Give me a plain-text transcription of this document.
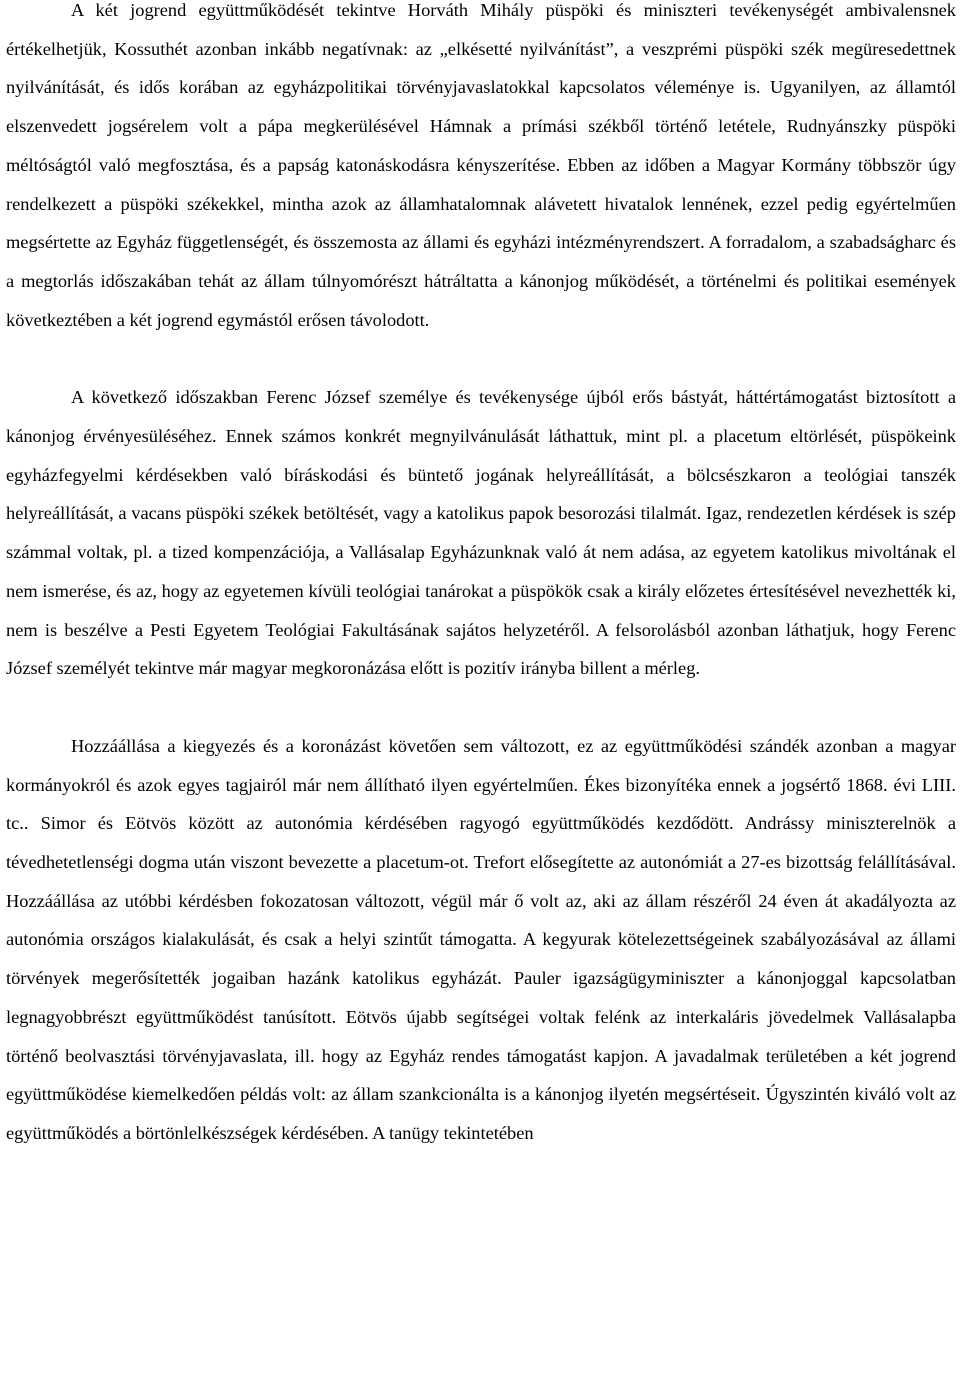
A két jogrend együttműködését tekintve Horváth Mihály püspöki és miniszteri tevékenységét ambivalensnek értékelhetjük, Kossuthét azonban inkább negatívnak: az „elkésetté nyilvánítást”, a veszprémi püspöki szék megüresedettnek nyilvánítását, és idős korában az egyházpolitikai törvényjavaslatokkal kapcsolatos véleménye is. Ugyanilyen, az államtól elszenvedett jogsérelem volt a pápa megkerülésével Hámnak a prímási székből történő letétele, Rudnyánszky püspöki méltóságtól való megfosztása, és a papság katonáskodásra kényszerítése. Ebben az időben a Magyar Kormány többször úgy rendelkezett a püspöki székekkel, mintha azok az államhatalomnak alávetett hivatalok lennének, ezzel pedig egyértelműen megsértette az Egyház függetlenségét, és összemosta az állami és egyházi intézményrendszert. A forradalom, a szabadságharc és a megtorlás időszakában tehát az állam túlnyomórészt hátráltatta a kánonjog működését, a történelmi és politikai események következtében a két jogrend egymástól erősen távolodott.

A következő időszakban Ferenc József személye és tevékenysége újból erős bástyát, háttértámogatást biztosított a kánonjog érvényesüléséhez. Ennek számos konkrét megnyilvánulását láthattuk, mint pl. a placetum eltörlését, püspökeink egyházfegyelmi kérdésekben való bíráskodási és büntető jogának helyreállítását, a bölcsészkaron a teológiai tanszék helyreállítását, a vacans püspöki székek betöltését, vagy a katolikus papok besorozási tilalmát. Igaz, rendezetlen kérdések is szép számmal voltak, pl. a tized kompenzációja, a Vallásalap Egyházunknak való át nem adása, az egyetem katolikus mivoltának el nem ismerése, és az, hogy az egyetemen kívüli teológiai tanárokat a püspökök csak a király előzetes értesítésével nevezhették ki, nem is beszélve a Pesti Egyetem Teológiai Fakultásának sajátos helyzetéről. A felsorolásból azonban láthatjuk, hogy Ferenc József személyét tekintve már magyar megkoronázása előtt is pozitív irányba billent a mérleg.

Hozzáállása a kiegyezés és a koronázást követően sem változott, ez az együttműködési szándék azonban a magyar kormányokról és azok egyes tagjairól már nem állítható ilyen egyértelműen. Ékes bizonyítéka ennek a jogsértő 1868. évi LIII. tc.. Simor és Eötvös között az autonómia kérdésében ragyogó együttműködés kezdődött. Andrássy miniszterelnök a tévedhetetlenségi dogma után viszont bevezette a placetum-ot. Trefort elősegítette az autonómiát a 27-es bizottság felállításával. Hozzáállása az utóbbi kérdésben fokozatosan változott, végül már ő volt az, aki az állam részéről 24 éven át akadályozta az autonómia országos kialakulását, és csak a helyi szintűt támogatta. A kegyurak kötelezettségeinek szabályozásával az állami törvények megerősítették jogaiban hazánk katolikus egyházát. Pauler igazságügyminiszter a kánonjoggal kapcsolatban legnagyobbrészt együttműködést tanúsított. Eötvös újabb segítségei voltak felénk az interkaláris jövedelmek Vallásalapba történő beolvasztási törvényjavaslata, ill. hogy az Egyház rendes támogatást kapjon. A javadalmak területében a két jogrend együttműködése kiemelkedően példás volt: az állam szankcionálta is a kánonjog ilyetén megsértéseit. Úgyszintén kiváló volt az együttműködés a börtönlelkészségek kérdésében. A tanügy tekintetében
